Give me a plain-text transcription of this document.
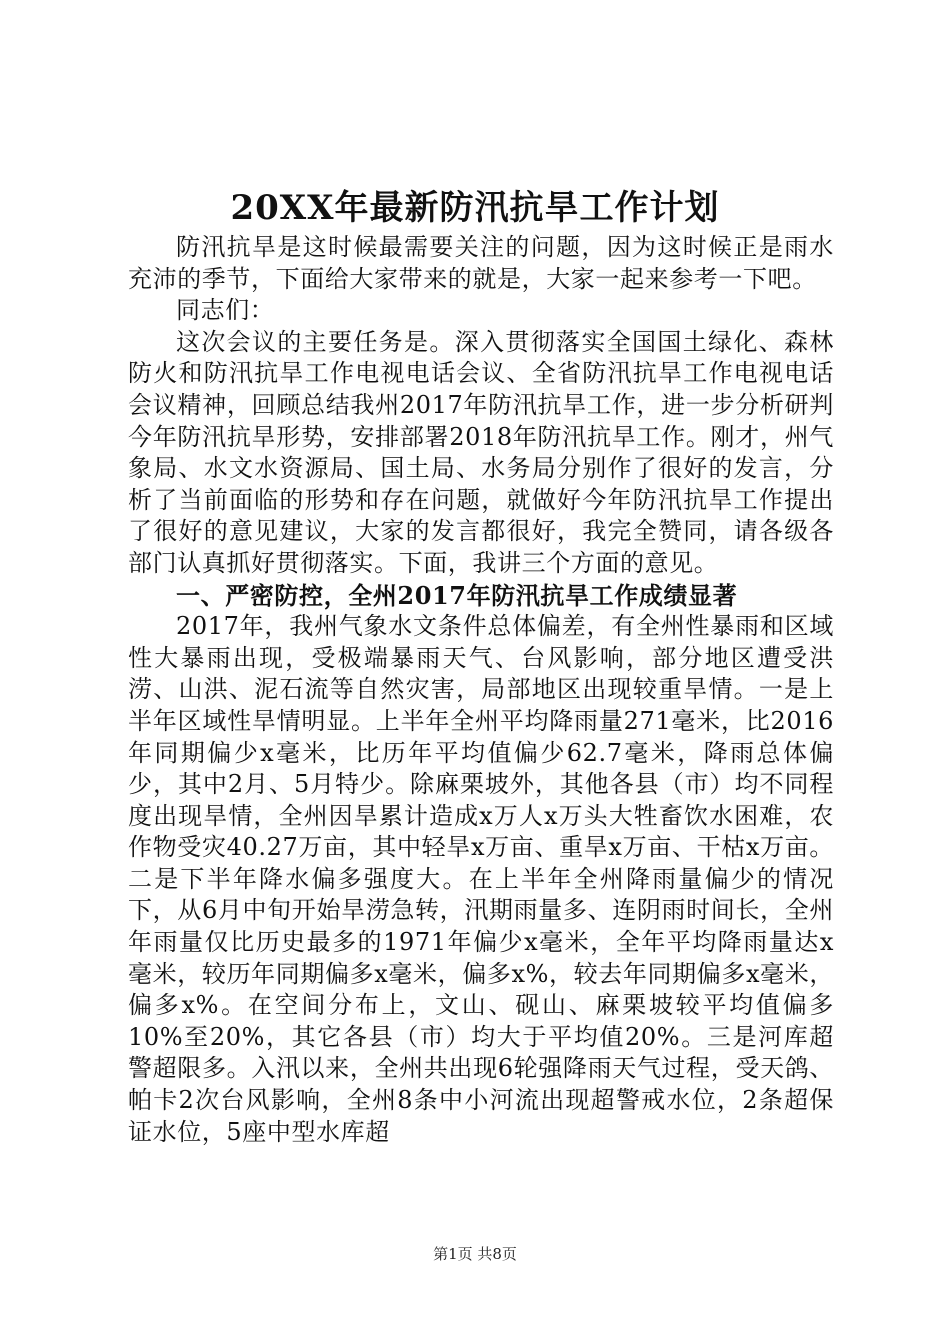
20XX年最新防汛抗旱工作计划

防汛抗旱是这时候最需要关注的问题，因为这时候正是雨水充沛的季节，下面给大家带来的就是，大家一起来参考一下吧。

同志们：

这次会议的主要任务是。深入贯彻落实全国国土绿化、森林防火和防汛抗旱工作电视电话会议、全省防汛抗旱工作电视电话会议精神，回顾总结我州2017年防汛抗旱工作，进一步分析研判今年防汛抗旱形势，安排部署2018年防汛抗旱工作。刚才，州气象局、水文水资源局、国土局、水务局分别作了很好的发言，分析了当前面临的形势和存在问题，就做好今年防汛抗旱工作提出了很好的意见建议，大家的发言都很好，我完全赞同，请各级各部门认真抓好贯彻落实。下面，我讲三个方面的意见。

一、严密防控，全州2017年防汛抗旱工作成绩显著

2017年，我州气象水文条件总体偏差，有全州性暴雨和区域性大暴雨出现，受极端暴雨天气、台风影响，部分地区遭受洪涝、山洪、泥石流等自然灾害，局部地区出现较重旱情。一是上半年区域性旱情明显。上半年全州平均降雨量271毫米，比2016年同期偏少x毫米，比历年平均值偏少62.7毫米，降雨总体偏少，其中2月、5月特少。除麻栗坡外，其他各县（市）均不同程度出现旱情，全州因旱累计造成x万人x万头大牲畜饮水困难，农作物受灾40.27万亩，其中轻旱x万亩、重旱x万亩、干枯x万亩。二是下半年降水偏多强度大。在上半年全州降雨量偏少的情况下，从6月中旬开始旱涝急转，汛期雨量多、连阴雨时间长，全州年雨量仅比历史最多的1971年偏少x毫米，全年平均降雨量达x毫米，较历年同期偏多x毫米，偏多x%，较去年同期偏多x毫米，偏多x%。在空间分布上，文山、砚山、麻栗坡较平均值偏多10%至20%，其它各县（市）均大于平均值20%。三是河库超警超限多。入汛以来，全州共出现6轮强降雨天气过程，受天鸽、帕卡2次台风影响，全州8条中小河流出现超警戒水位，2条超保证水位，5座中型水库超

第1页 共8页
